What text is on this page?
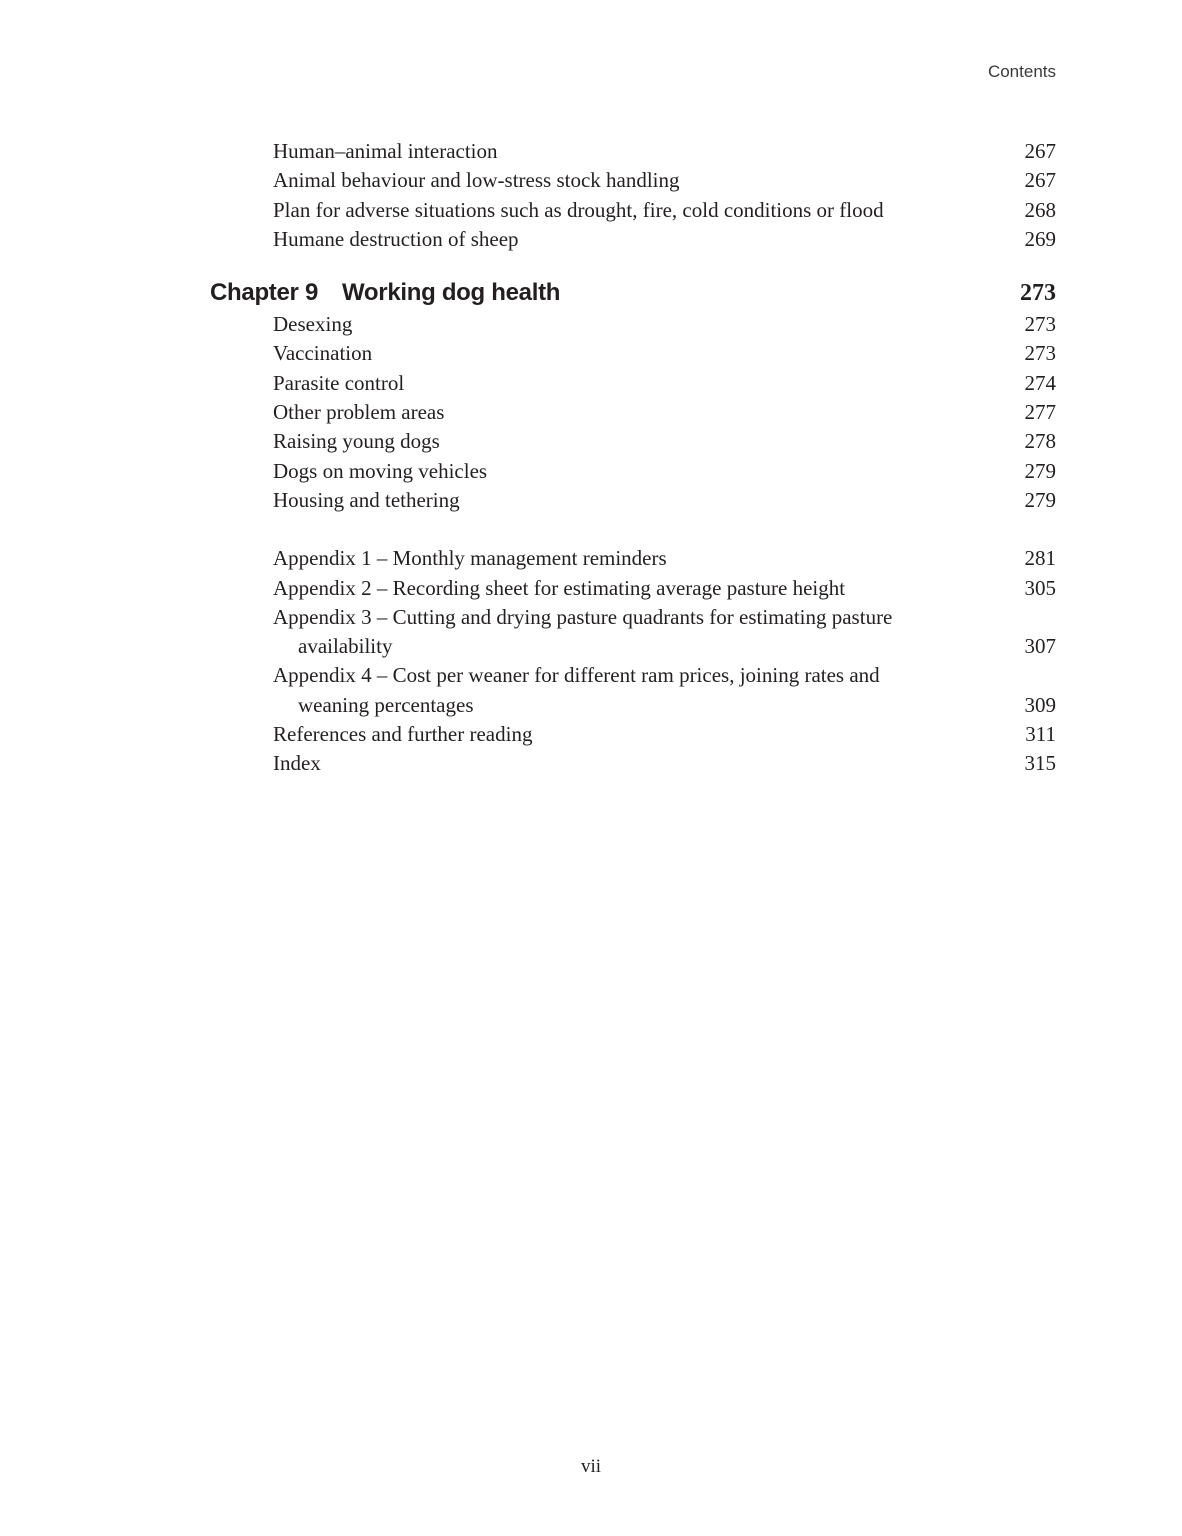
Contents
Human–animal interaction	267
Animal behaviour and low-stress stock handling	267
Plan for adverse situations such as drought, fire, cold conditions or flood	268
Humane destruction of sheep	269
Chapter 9 Working dog health	273
Desexing	273
Vaccination	273
Parasite control	274
Other problem areas	277
Raising young dogs	278
Dogs on moving vehicles	279
Housing and tethering	279
Appendix 1 – Monthly management reminders	281
Appendix 2 – Recording sheet for estimating average pasture height	305
Appendix 3 – Cutting and drying pasture quadrants for estimating pasture
availability	307
Appendix 4 – Cost per weaner for different ram prices, joining rates and
weaning percentages	309
References and further reading	311
Index	315
vii
